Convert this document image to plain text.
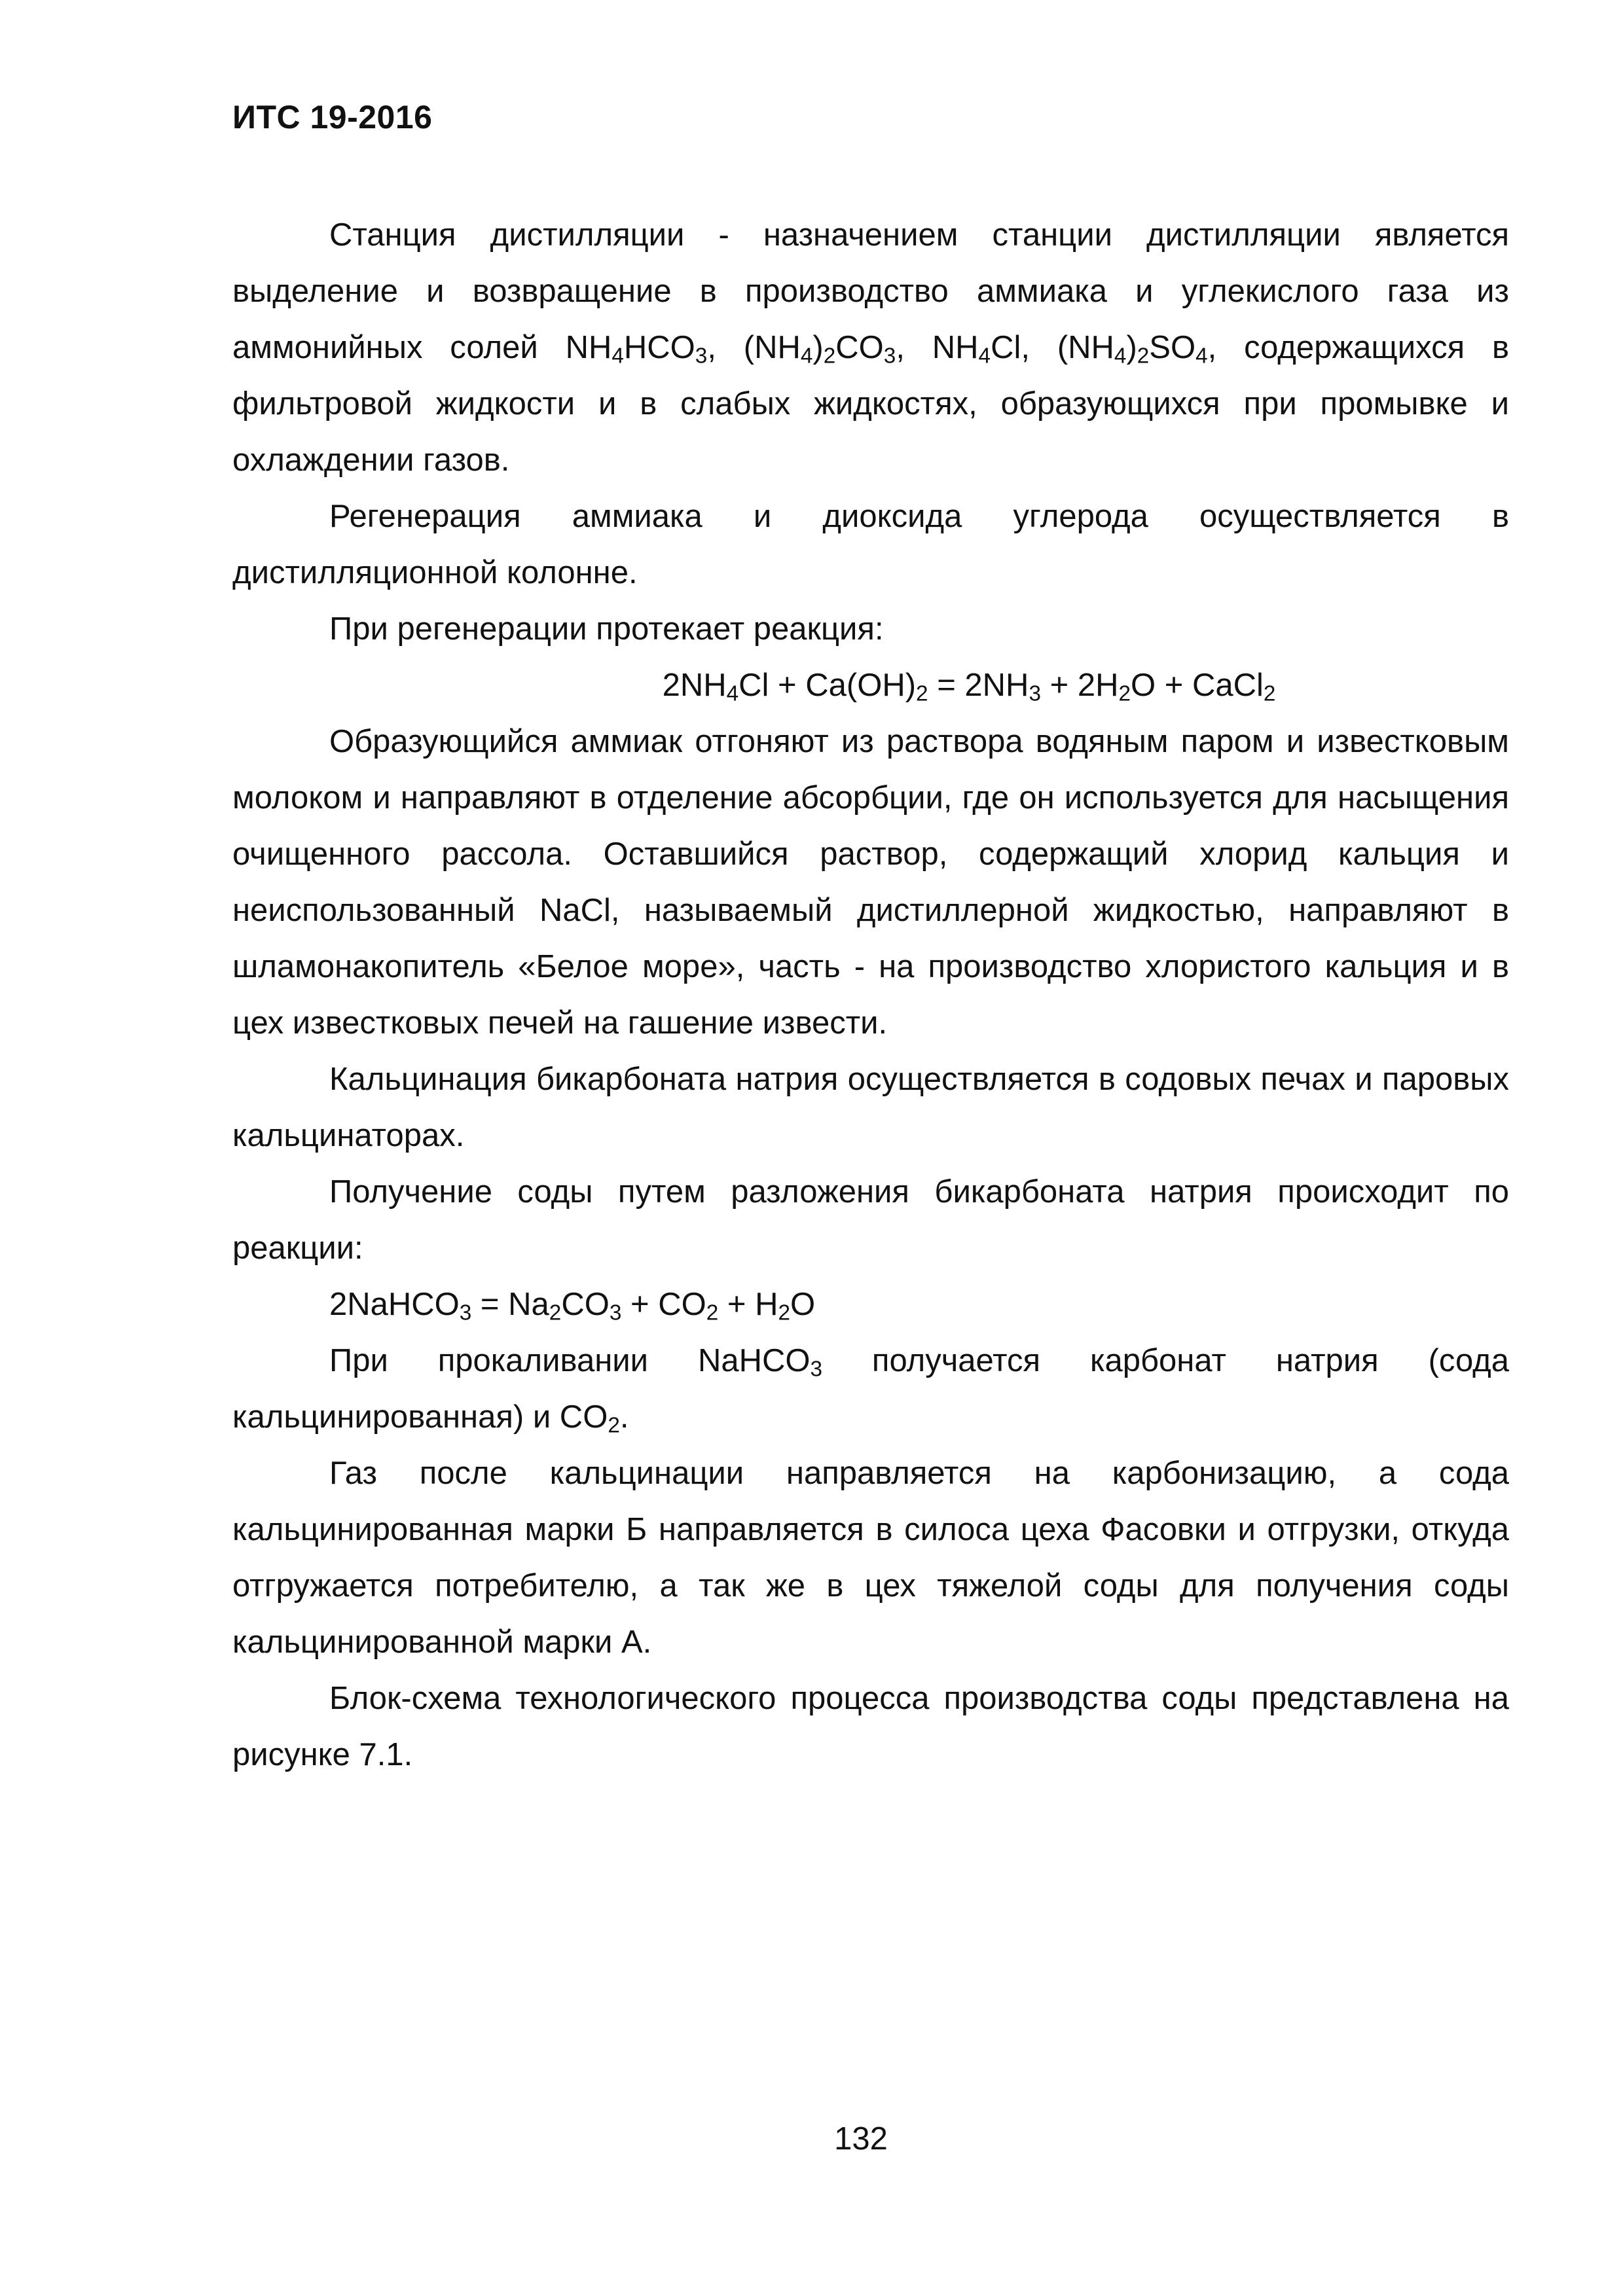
ИТС 19-2016

Станция дистилляции - назначением станции дистилляции является выделение и возвращение в производство аммиака и углекислого газа из аммонийных солей $NH_4HCO_3$, $(NH_4)_2CO_3$, $NH_4Cl$, $(NH_4)_2SO_4$, содержащихся в фильтровой жидкости и в слабых жидкостях, образующихся при промывке и охлаждении газов.

Регенерация аммиака и диоксида углерода осуществляется в дистилляционной колонне.

При регенерации протекает реакция:

$2NH_4Cl + Ca(OH)_2 = 2NH_3 + 2H_2O$ + CaCl$_2$

Образующийся аммиак отгоняют из раствора водяным паром и известковым молоком и направляют в отделение абсорбции, где он используется для насыщения очищенного рассола. Оставшийся раствор, содержащий хлорид кальция и неиспользованный NaCl, называемый дистиллерной жидкостью, направляют в шламонакопитель «Белое море», часть - на производство хлористого кальция и в цех известковых печей на гашение извести.

Кальцинация бикарбоната натрия осуществляется в содовых печах и паровых кальцинаторах.

Получение соды путем разложения бикарбоната натрия происходит по реакции:

2NaHCO$_3$ = $Na_2CO_3 + CO_2 + H_2O$

При прокаливании NaHCO$_3$ получается карбонат натрия (сода кальцинированная) и $CO_2$.

Газ после кальцинации направляется на карбонизацию, а сода кальцинированная марки Б направляется в силоса цеха Фасовки и отгрузки, откуда отгружается потребителю, а так же в цех тяжелой соды для получения соды кальцинированной марки А.

Блок-схема технологического процесса производства соды представлена на рисунке 7.1.

132
